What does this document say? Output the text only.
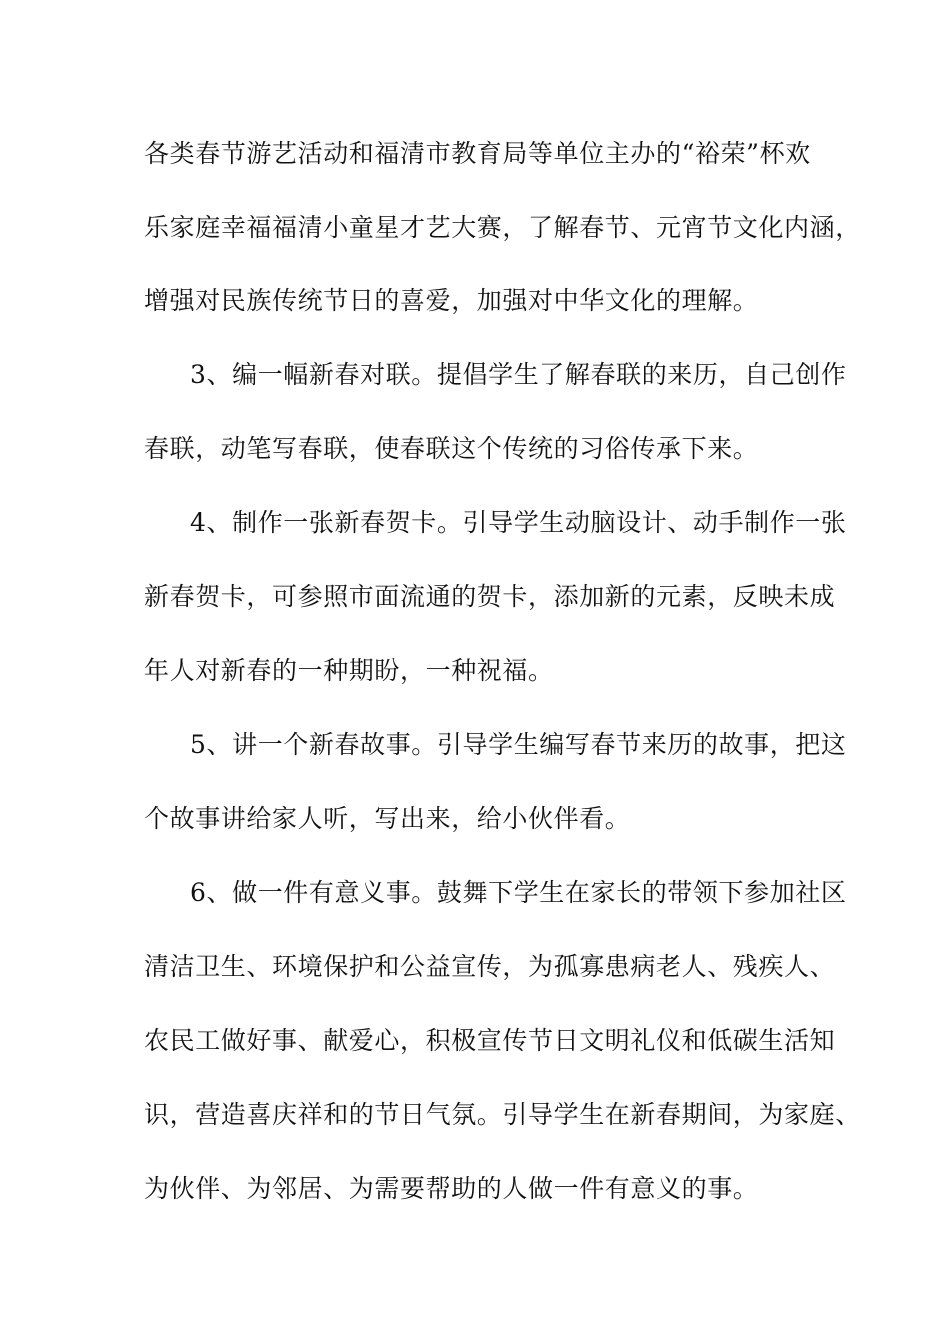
各类春节游艺活动和福清市教育局等单位主办的“裕荣”杯欢
乐家庭幸福福清小童星才艺大赛，了解春节、元宵节文化内涵，
增强对民族传统节日的喜爱，加强对中华文化的理解。
3、编一幅新春对联。提倡学生了解春联的来历，自己创作
春联，动笔写春联，使春联这个传统的习俗传承下来。
4、制作一张新春贺卡。引导学生动脑设计、动手制作一张
新春贺卡，可参照市面流通的贺卡，添加新的元素，反映未成
年人对新春的一种期盼，一种祝福。
5、讲一个新春故事。引导学生编写春节来历的故事，把这
个故事讲给家人听，写出来，给小伙伴看。
6、做一件有意义事。鼓舞下学生在家长的带领下参加社区
清洁卫生、环境保护和公益宣传，为孤寡患病老人、残疾人、
农民工做好事、献爱心，积极宣传节日文明礼仪和低碳生活知
识，营造喜庆祥和的节日气氛。引导学生在新春期间，为家庭、
为伙伴、为邻居、为需要帮助的人做一件有意义的事。
